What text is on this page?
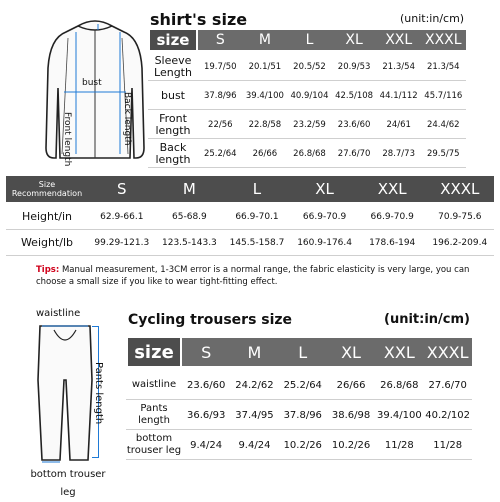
bust
Front length	Back length
shirt's size	(unit:in/cm)
size	S	M	L	XL	XXL XXXL
Sleeve Length	19.7/50	20.1/51	20.5/52	20.9/53	21.3/54	21.3/54
bust	37.8/96	39.4/100 40.9/104 42.5/108 44.1/112 45.7/116
Front length	22/56	22.8/58	23.2/59	23.6/60	24/61	24.4/62
Back length	25.2/64	26/66	26.8/68	27.6/70	28.7/73	29.5/75
Size Recommendation	S	M	L	XL	XXL	XXXL
Height/in	62.9-66.1	65-68.9	66.9-70.1	66.9-70.9	66.9-70.9	70.9-75.6
Weight/lb	99.29-121.3	123.5-143.3	145.5-158.7	160.9-176.4	178.6-194	196.2-209.4
Tips: Manual measurement, 1-3CM error is a normal range, the fabric elasticity is very large, you can choose a small size if you like to wear tight-fitting effect.
waistline
Pants length
bottom trouser leg
Cycling trousers size	(unit:in/cm)
size	S	M	L	XL	XXL XXXL
waistline	23.6/60 24.2/62 25.2/64	26/66	26.8/68 27.6/70
Pants length	36.6/93 37.4/95 37.8/96 38.6/98 39.4/100 40.2/102
bottom trouser leg 9.4/24	9.4/24	10.2/26 10.2/26	11/28	11/28
